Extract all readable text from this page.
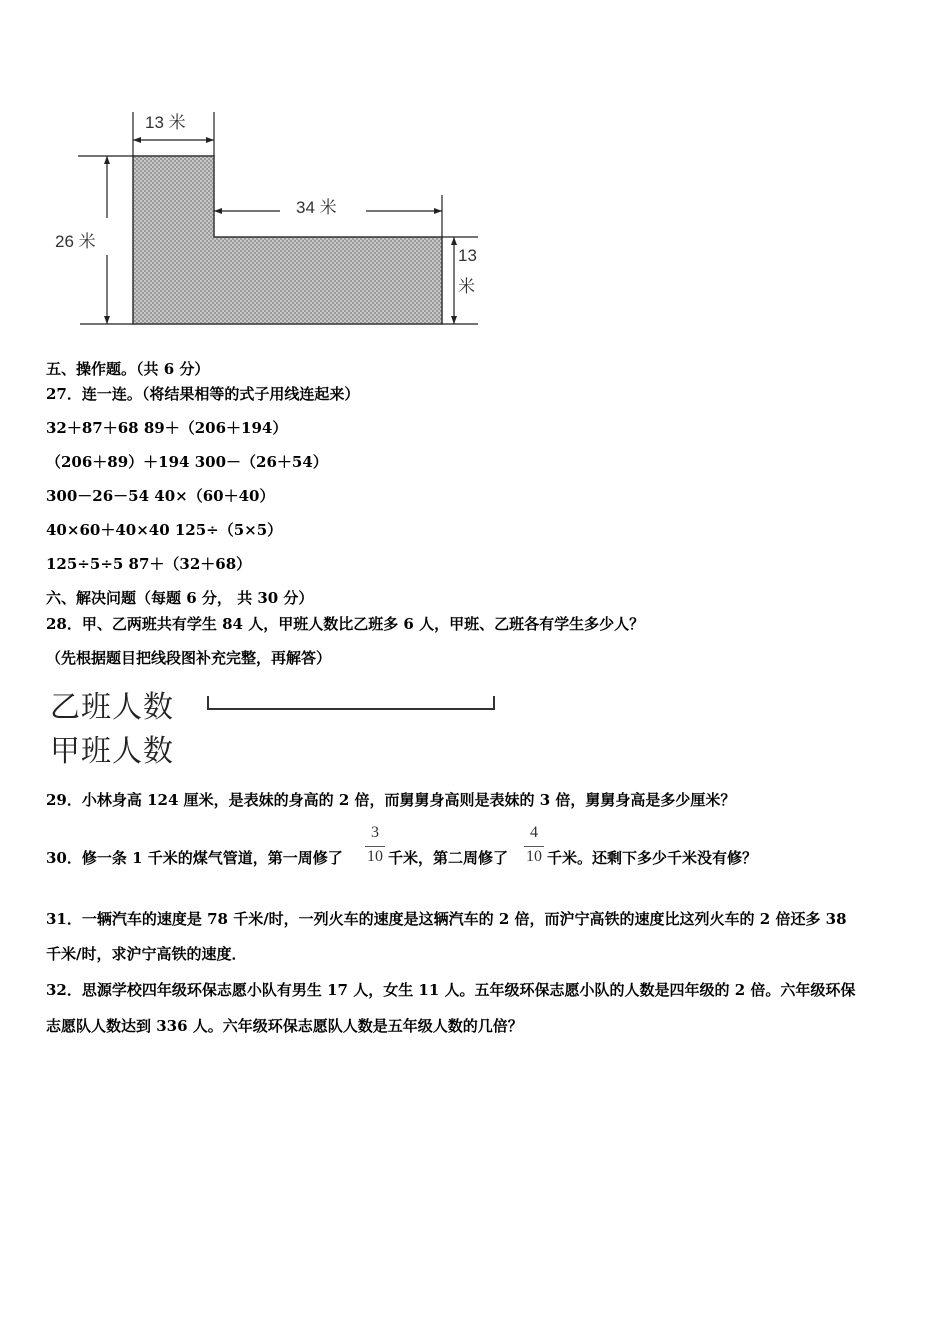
13 米
34 米
26 米
13
米
五、操作题。（共 6 分）
27．连一连。（将结果相等的式子用线连起来）
32＋87＋68 89＋（206＋194）
（206＋89）＋194 300－（26＋54）
300－26－54 40×（60＋40）
40×60＋40×40 125÷（5×5）
125÷5÷5 87＋（32＋68）
六、解决问题（每题 6 分， 共 30 分）
28．甲、乙两班共有学生 84 人，甲班人数比乙班多 6 人，甲班、乙班各有学生多少人？
（先根据题目把线段图补充完整，再解答）
乙班人数
甲班人数
29．小林身高 124 厘米，是表妹的身高的 2 倍，而舅舅身高则是表妹的 3 倍，舅舅身高是多少厘米？
30．修一条 1 千米的煤气管道，第一周修了
3
10 千米，第二周修了
4
10 千米。还剩下多少千米没有修？
31．一辆汽车的速度是 78 千米/时，一列火车的速度是这辆汽车的 2 倍，而沪宁高铁的速度比这列火车的 2 倍还多 38
千米/时，求沪宁高铁的速度．
32．思源学校四年级环保志愿小队有男生 17 人，女生 11 人。五年级环保志愿小队的人数是四年级的 2 倍。六年级环保
志愿队人数达到 336 人。六年级环保志愿队人数是五年级人数的几倍？
